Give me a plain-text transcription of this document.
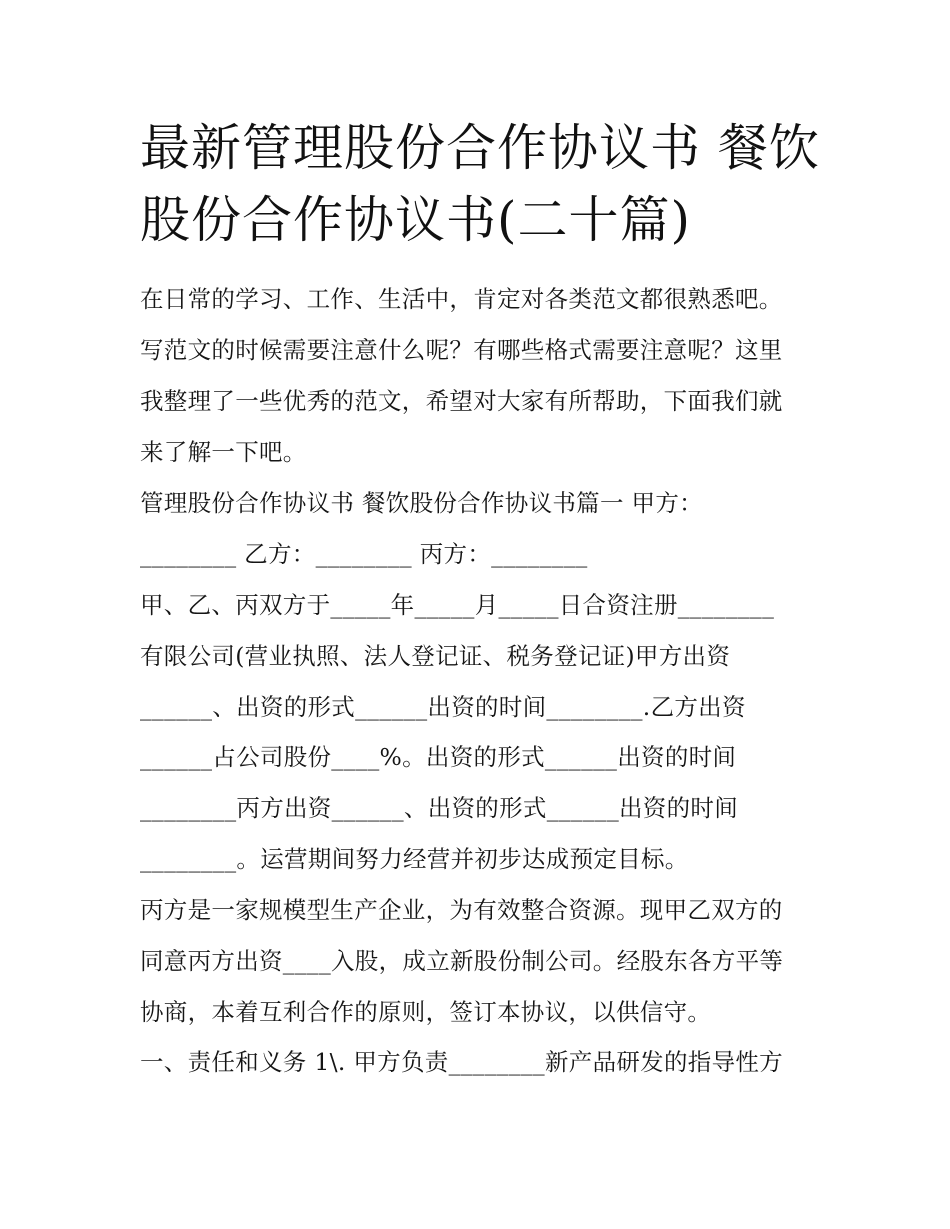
最新管理股份合作协议书 餐饮
股份合作协议书(二十篇)

在日常的学习、工作、生活中，肯定对各类范文都很熟悉吧。

写范文的时候需要注意什么呢？有哪些格式需要注意呢？这里

我整理了一些优秀的范文，希望对大家有所帮助，下面我们就

来了解一下吧。

管理股份合作协议书 餐饮股份合作协议书篇一 甲方：

________ 乙方：________ 丙方：________

甲、乙、丙双方于_____年_____月_____日合资注册________

有限公司(营业执照、法人登记证、税务登记证)甲方出资

______、出资的形式______出资的时间________.乙方出资

______占公司股份____%。出资的形式______出资的时间

________丙方出资______、出资的形式______出资的时间

________。运营期间努力经营并初步达成预定目标。

丙方是一家规模型生产企业，为有效整合资源。现甲乙双方的

同意丙方出资____入股，成立新股份制公司。经股东各方平等

协商，本着互利合作的原则，签订本协议，以供信守。

一、责任和义务 1\. 甲方负责________新产品研发的指导性方
